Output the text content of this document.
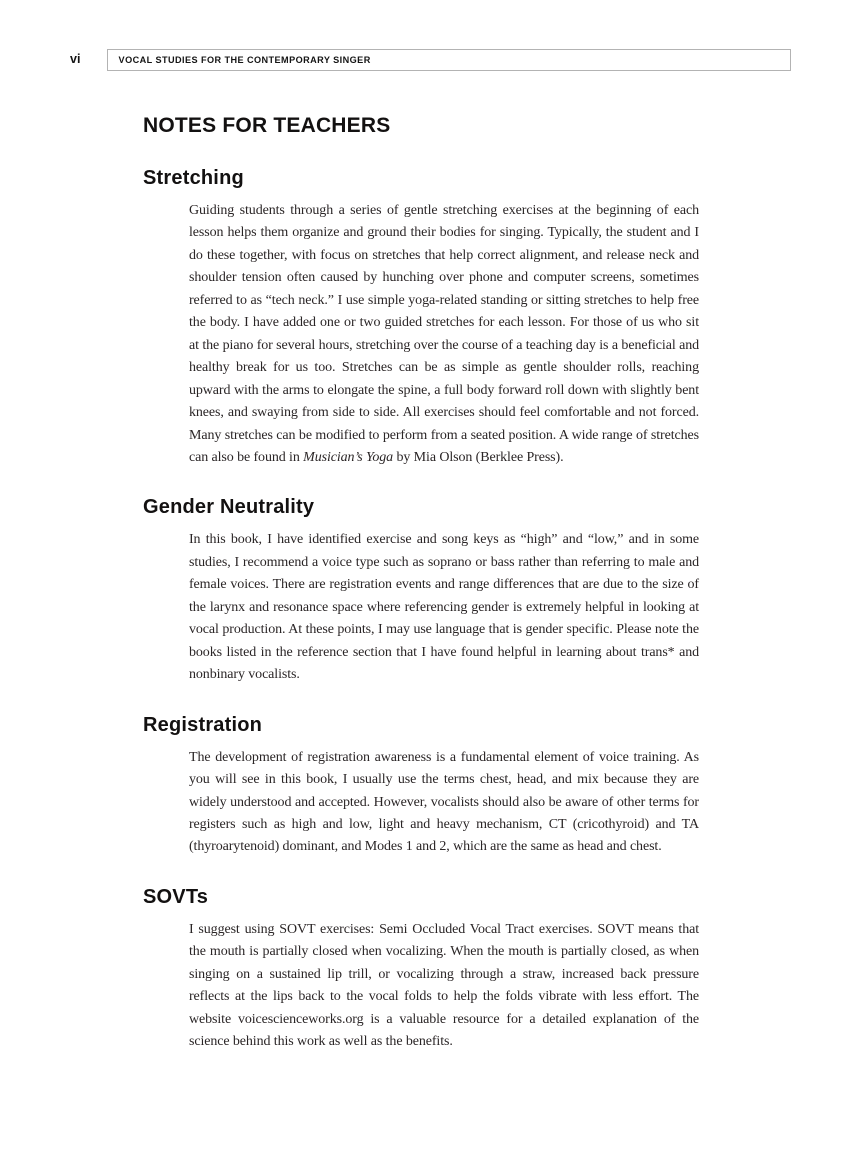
vi	VOCAL STUDIES FOR THE CONTEMPORARY SINGER
NOTES FOR TEACHERS
Stretching

Guiding students through a series of gentle stretching exercises at the beginning of each lesson helps them organize and ground their bodies for singing. Typically, the student and I do these together, with focus on stretches that help correct alignment, and release neck and shoulder tension often caused by hunching over phone and computer screens, sometimes referred to as “tech neck.” I use simple yoga-related standing or sitting stretches to help free the body. I have added one or two guided stretches for each lesson. For those of us who sit at the piano for several hours, stretching over the course of a teaching day is a beneficial and healthy break for us too. Stretches can be as simple as gentle shoulder rolls, reaching upward with the arms to elongate the spine, a full body forward roll down with slightly bent knees, and swaying from side to side. All exercises should feel comfortable and not forced. Many stretches can be modified to perform from a seated position. A wide range of stretches can also be found in Musician’s Yoga by Mia Olson (Berklee Press).

Gender Neutrality

In this book, I have identified exercise and song keys as “high” and “low,” and in some studies, I recommend a voice type such as soprano or bass rather than referring to male and female voices. There are registration events and range differences that are due to the size of the larynx and resonance space where referencing gender is extremely helpful in looking at vocal production. At these points, I may use language that is gender specific. Please note the books listed in the reference section that I have found helpful in learning about trans* and nonbinary vocalists.

Registration

The development of registration awareness is a fundamental element of voice training. As you will see in this book, I usually use the terms chest, head, and mix because they are widely understood and accepted. However, vocalists should also be aware of other terms for registers such as high and low, light and heavy mechanism, CT (cricothyroid) and TA (thyroarytenoid) dominant, and Modes 1 and 2, which are the same as head and chest.

SOVTs

I suggest using SOVT exercises: Semi Occluded Vocal Tract exercises. SOVT means that the mouth is partially closed when vocalizing. When the mouth is partially closed, as when singing on a sustained lip trill, or vocalizing through a straw, increased back pressure reflects at the lips back to the vocal folds to help the folds vibrate with less effort. The website voicescienceworks.org is a valuable resource for a detailed explanation of the science behind this work as well as the benefits.
